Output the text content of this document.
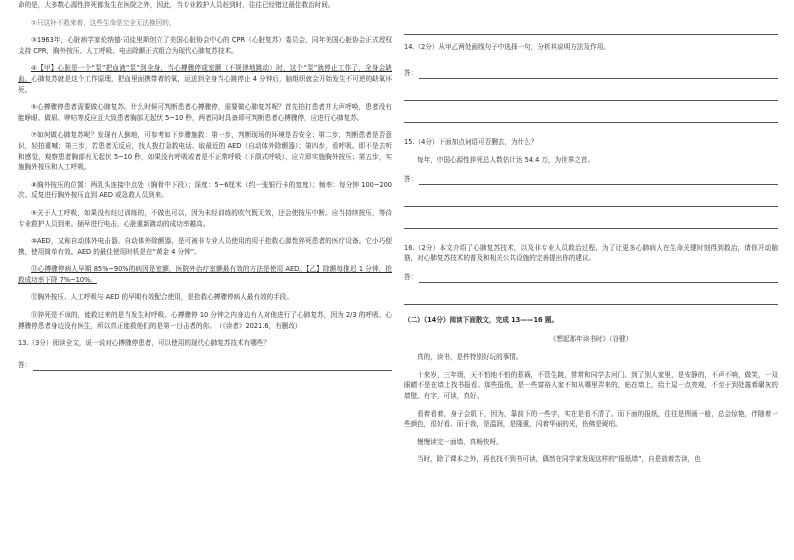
命的是，大多数心源性猝死都发生在医院之外，因此，当专业救护人员赶到时，往往已经错过最佳救治时间。

②只这补不救来着，这些生命是完全无法挽回的。

③1963年，心脏病学家伦纳德·司徒里斯创立了美国心脏协会中心的 CPR（心脏复苏）委员会，同年美国心脏协会正式授权支持 CPR，胸外按压、人工呼吸、电击除颤正式组合为现代心肺复苏技术。

④【甲】心脏是一个“泵”把血液“泵”到全身，当心搏骤停或室颤（不规律地跳动）时，这个“泵”就停止工作了，全身会缺血。心肺复苏就是这个工作原理，把血里面携带着的氧，运送到全身当心跳停止 4 分钟后，脑组织就会开始发生不可逆的缺氧坏死。

⑤心搏骤停患者需要做心肺复苏。什么时候可判断患者心搏骤停，需要做心肺复苏呢？首先拍打患者并大声呼唤，患者没有能睁眼、做眉、咿咕等反应且大致患者胸部无起伏 5~10 秒，两者同时具备即可判断患者心搏骤停，应进行心肺复苏。

⑦如何做心肺复苏呢？发现有人倒地，可参考如下步骤施救：第一步，判断现场的环境是否安全；第二步，判断患者是否意识，轻拍重喊；第三步，若患者无反应，找人拨打急救电话、取最近的 AED（自动体外除颤器）；第四步，看呼吸。即不是去听和感觉，观察患者胸部有无起伏 5~10 秒，如果没有呼吸或者是不正常呼吸（下颌式呼吸），应立即实施胸外按压；第五步，实施胸外按压和人工呼吸。

⑧胸外按压的位置：两乳头连接中点处（胸骨中下段）；深度：5~6厘米（约一张银行卡的宽度）；频率：每分钟 100~200 次。反复进行胸外按压直到 AED 或急救人员到来。

⑨关于人工呼吸，如果没有经过训练的，不做也可以，因为未经训练的吹气既无效，还会使按压中断。应当持续按压，等待专业救护人员到来。插早进行电击，心脏重新跳动的成功率越高。

⑩AED，又称自动体外电击器、自动体外除颤器，是可被非专业人员使用的用于抢救心源性猝死患者的医疗设备。它小巧便携，使用简单有效。AED 的最佳使用时机是在“黄金 4 分钟”。

⑪心搏骤停病人早期 85%~90%的病因是室颤，医院外治疗室颤最有效的方法是使用 AED。【乙】除颤每推迟 1 分钟，抢救成功率下降 7%~10%。

⑫胸外按压、人工呼吸与 AED 的早期有效配合使用，是抢救心搏骤停病人最有效的手段。

⑬猝死是不该的，能救过来的是当发生时呼吸、心搏骤停 10 分钟之内身边有人对他进行了心肺复苏，因为 2/3 的呼吸、心搏骤停患者身边没有医生，所以真正能救他们的是第一目击者的你。　（《读者》2021.6，有删改）

13.（3分）阅读全文，说一说对心搏骤停患者，可以使用的现代心肺复苏技术有哪些？

答：

14.（2分）从甲乙两处画线句子中选择一句，分析其说明方法及作用。

答：

15.（4分）下面加点词语可否删去，为什么？

每年，中国心源性猝死总人数估计达 54.4 万，为世界之首。

答：

16.（2分）本文介绍了心肺复苏技术，以及非专业人员救治过程，为了让更多心肺病人在生命关键时刻得到救治，请你开动脑筋，对心肺复苏技术的普及和相关公共设施的完善提出你的建议。

答：

（二）（14分）阅读下面散文，完成 13——16 题。

《想起那年读书时》（谷健）

真的，读书，是件特别好玩的事情。

十来岁，三年级，天不怕地不怕的惹祸，不管生跳，常常和同学去河门。到了别人家里，是安静的，不声不响，做笑，一双眼睛不是在墙上找书报看。那些报纸，是一些富裕人家不知从哪里弄来的，贴在墙上，给土屋一点亮观，不至于到处露着碾灰的墙壁。有字，可读，真好。

看着看着，身子会肌下，因为，靠前下的一些字，实在是看不清了。而下面的报纸，往往是图画一般，总会惊艳，伴随着一些颜色，很好看。而于我，是温润，是隆重，闪着华丽的光，伤佛是琥珀。

慢慢读完一面墙，真畅快呀。

当时，除了课本之外，再也找不到书可读，偶然在同学家发现这样的“报纸墙”，自是放着苦读，也
